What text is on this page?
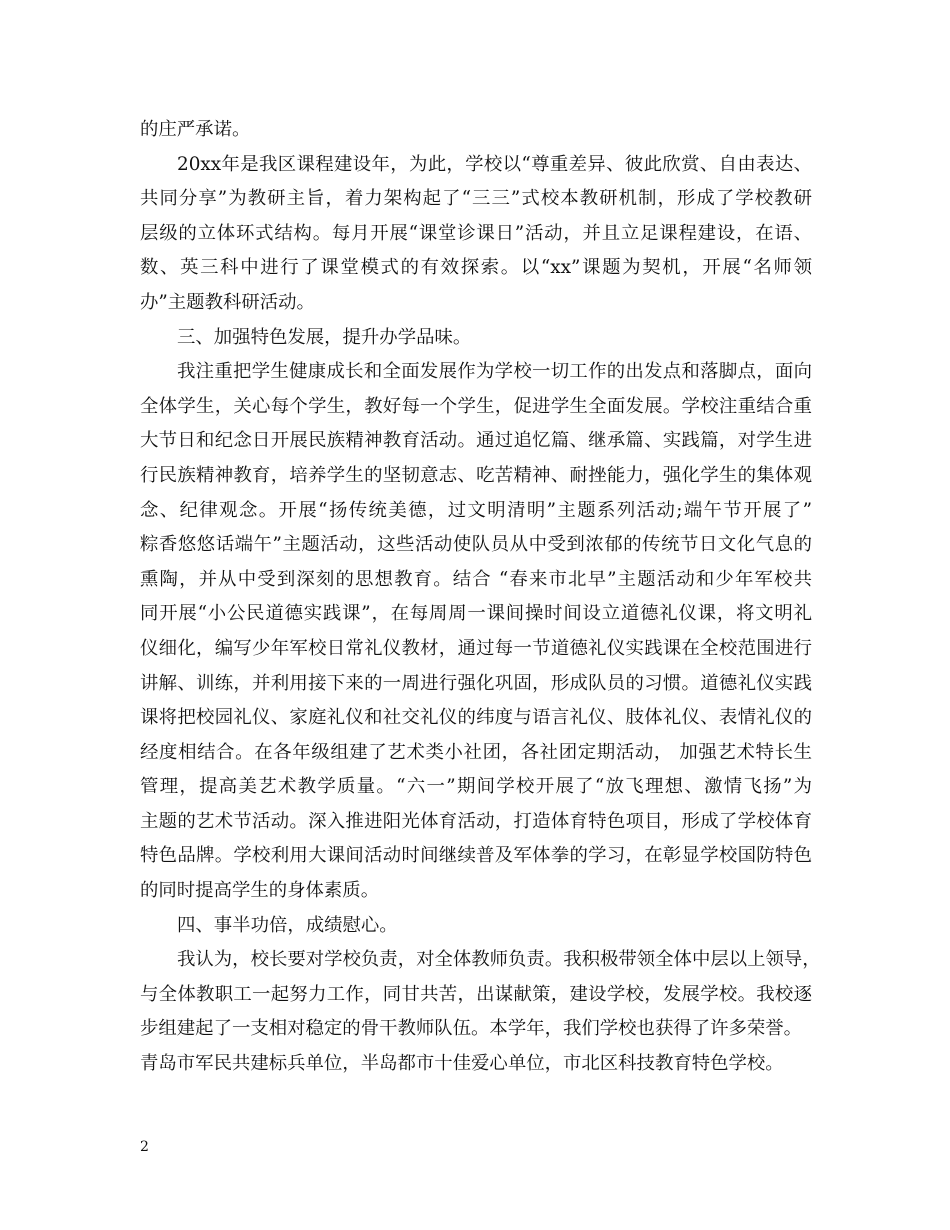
的庄严承诺。
20xx年是我区课程建设年，为此，学校以“尊重差异、彼此欣赏、自由表达、
共同分享”为教研主旨，着力架构起了“三三”式校本教研机制，形成了学校教研
层级的立体环式结构。每月开展“课堂诊课日”活动，并且立足课程建设，在语、
数、英三科中进行了课堂模式的有效探索。以“xx”课题为契机，开展“名师领
办”主题教科研活动。
三、加强特色发展，提升办学品味。
我注重把学生健康成长和全面发展作为学校一切工作的出发点和落脚点，面向
全体学生，关心每个学生，教好每一个学生，促进学生全面发展。学校注重结合重
大节日和纪念日开展民族精神教育活动。通过追忆篇、继承篇、实践篇，对学生进
行民族精神教育，培养学生的坚韧意志、吃苦精神、耐挫能力，强化学生的集体观
念、纪律观念。开展“扬传统美德，过文明清明”主题系列活动;端午节开展了”
粽香悠悠话端午”主题活动，这些活动使队员从中受到浓郁的传统节日文化气息的
熏陶，并从中受到深刻的思想教育。结合 “春来市北早”主题活动和少年军校共
同开展“小公民道德实践课”，在每周周一课间操时间设立道德礼仪课，将文明礼
仪细化，编写少年军校日常礼仪教材，通过每一节道德礼仪实践课在全校范围进行
讲解、训练，并利用接下来的一周进行强化巩固，形成队员的习惯。道德礼仪实践
课将把校园礼仪、家庭礼仪和社交礼仪的纬度与语言礼仪、肢体礼仪、表情礼仪的
经度相结合。在各年级组建了艺术类小社团，各社团定期活动， 加强艺术特长生
管理，提高美艺术教学质量。“六一”期间学校开展了“放飞理想、激情飞扬”为
主题的艺术节活动。深入推进阳光体育活动，打造体育特色项目，形成了学校体育
特色品牌。学校利用大课间活动时间继续普及军体拳的学习，在彰显学校国防特色
的同时提高学生的身体素质。
四、事半功倍，成绩慰心。
我认为，校长要对学校负责，对全体教师负责。我积极带领全体中层以上领导，
与全体教职工一起努力工作，同甘共苦，出谋献策，建设学校，发展学校。我校逐
步组建起了一支相对稳定的骨干教师队伍。本学年，我们学校也获得了许多荣誉。
青岛市军民共建标兵单位，半岛都市十佳爱心单位，市北区科技教育特色学校。
2
